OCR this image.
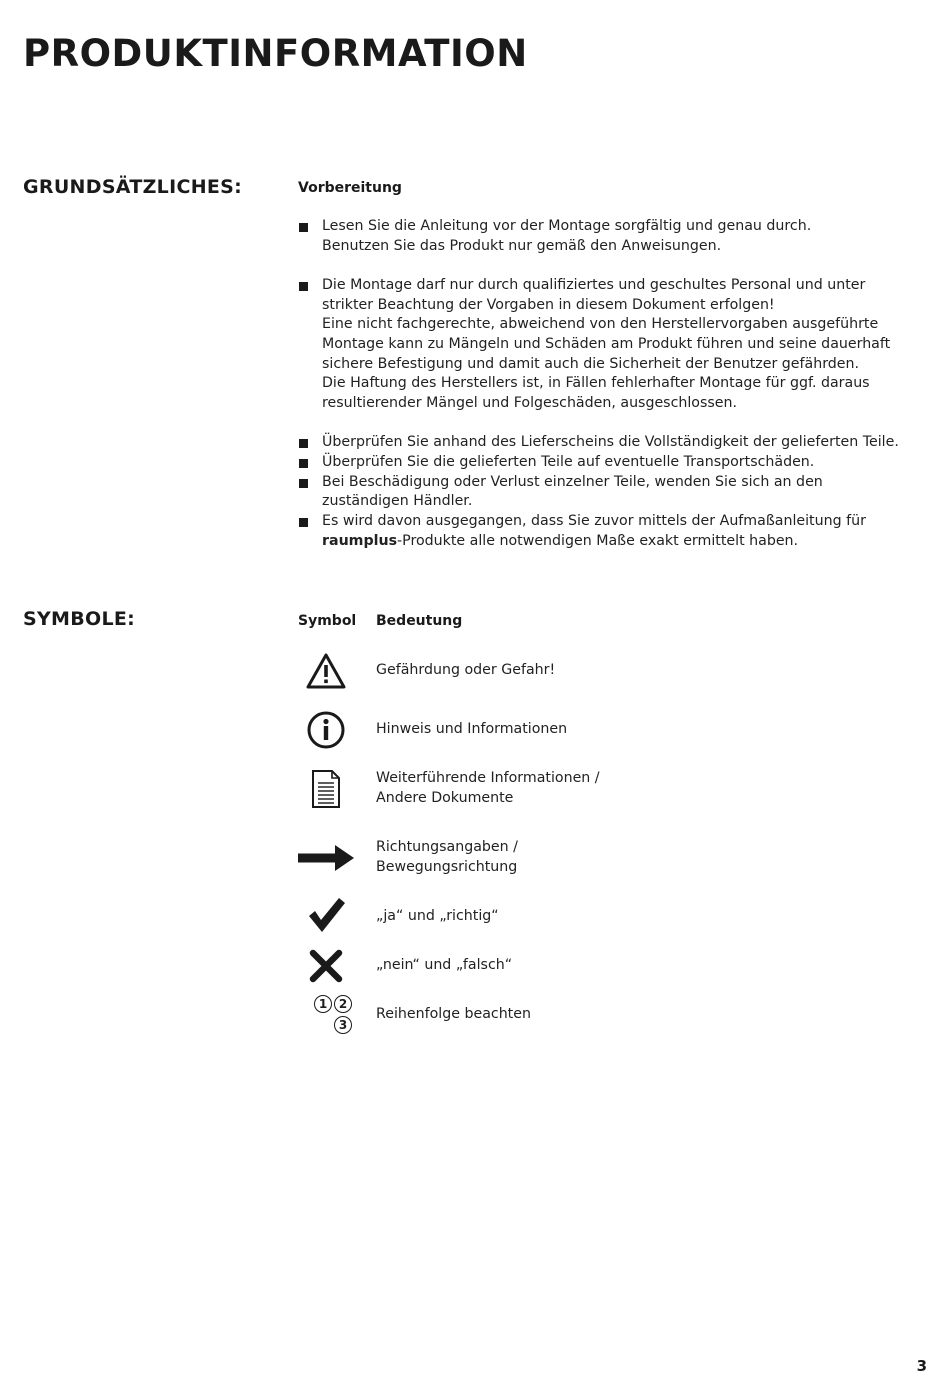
PRODUKTINFORMATION
GRUNDSÄTZLICHES:	Vorbereitung

Lesen Sie die Anleitung vor der Montage sorgfältig und genau durch.
Benutzen Sie das Produkt nur gemäß den Anweisungen.

Die Montage darf nur durch qualifiziertes und geschultes Personal und unter
strikter Beachtung der Vorgaben in diesem Dokument erfolgen!
Eine nicht fachgerechte, abweichend von den Herstellervorgaben ausgeführte
Montage kann zu Mängeln und Schäden am Produkt führen und seine dauerhaft
sichere Befestigung und damit auch die Sicherheit der Benutzer gefährden.
Die Haftung des Herstellers ist, in Fällen fehlerhafter Montage für ggf. daraus
resultierender Mängel und Folgeschäden, ausgeschlossen.

Überprüfen Sie anhand des Lieferscheins die Vollständigkeit der gelieferten Teile.

Überprüfen Sie die gelieferten Teile auf eventuelle Transportschäden.

Bei Beschädigung oder Verlust einzelner Teile, wenden Sie sich an den
zuständigen Händler.

Es wird davon ausgegangen, dass Sie zuvor mittels der Aufmaßanleitung für
raumplus-Produkte alle notwendigen Maße exakt ermittelt haben.

SYMBOLE:	Symbol Bedeutung
Gefährdung oder Gefahr!
Hinweis und Informationen
Weiterführende Informationen /
Andere Dokumente
Richtungsangaben /
Bewegungsrichtung
„ja“ und „richtig“
„nein“ und „falsch“
1 2
3
Reihenfolge beachten
3
